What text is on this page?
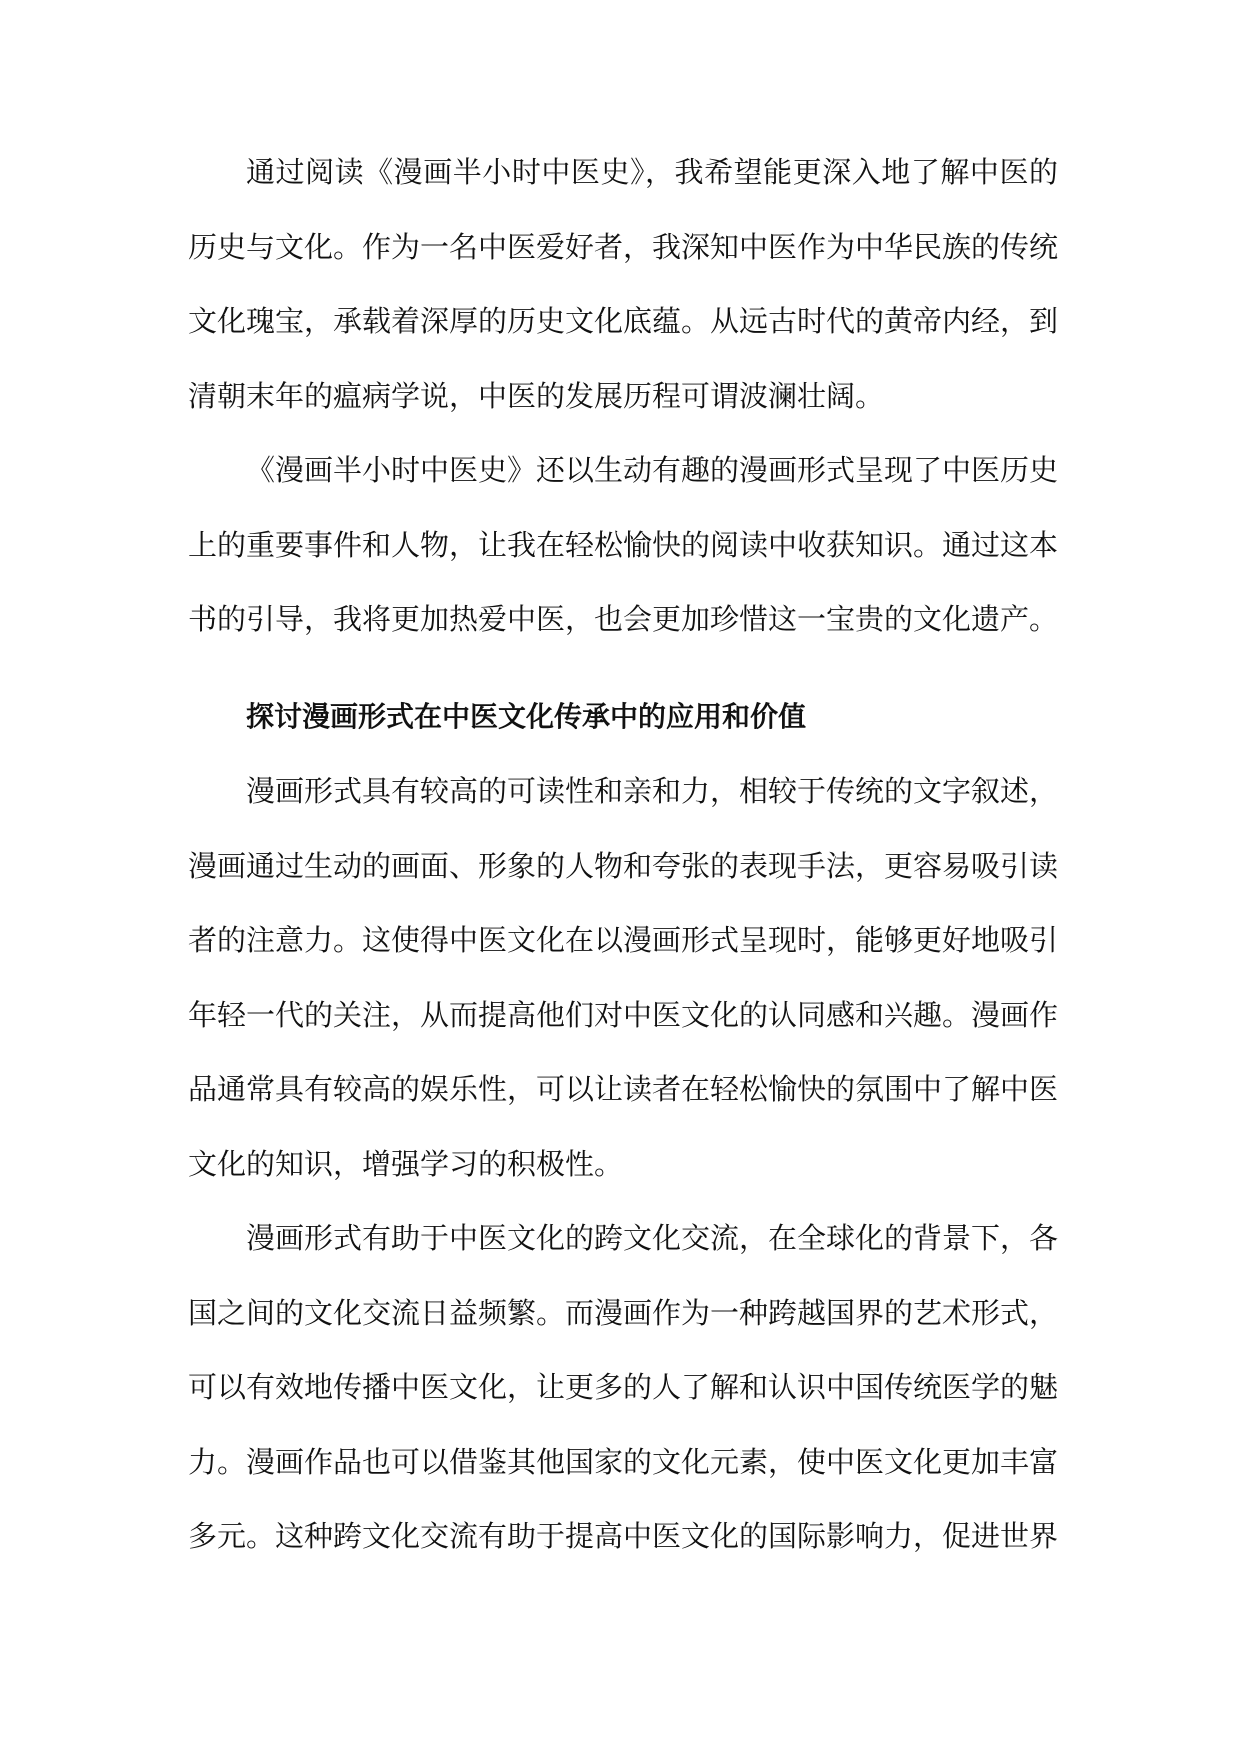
通过阅读《漫画半小时中医史》，我希望能更深入地了解中医的历史与文化。作为一名中医爱好者，我深知中医作为中华民族的传统文化瑰宝，承载着深厚的历史文化底蕴。从远古时代的黄帝内经，到清朝末年的瘟病学说，中医的发展历程可谓波澜壮阔。

《漫画半小时中医史》还以生动有趣的漫画形式呈现了中医历史上的重要事件和人物，让我在轻松愉快的阅读中收获知识。通过这本书的引导，我将更加热爱中医，也会更加珍惜这一宝贵的文化遗产。

探讨漫画形式在中医文化传承中的应用和价值

漫画形式具有较高的可读性和亲和力，相较于传统的文字叙述，漫画通过生动的画面、形象的人物和夸张的表现手法，更容易吸引读者的注意力。这使得中医文化在以漫画形式呈现时，能够更好地吸引年轻一代的关注，从而提高他们对中医文化的认同感和兴趣。漫画作品通常具有较高的娱乐性，可以让读者在轻松愉快的氛围中了解中医文化的知识，增强学习的积极性。

漫画形式有助于中医文化的跨文化交流，在全球化的背景下，各国之间的文化交流日益频繁。而漫画作为一种跨越国界的艺术形式，可以有效地传播中医文化，让更多的人了解和认识中国传统医学的魅力。漫画作品也可以借鉴其他国家的文化元素，使中医文化更加丰富多元。这种跨文化交流有助于提高中医文化的国际影响力，促进世界
